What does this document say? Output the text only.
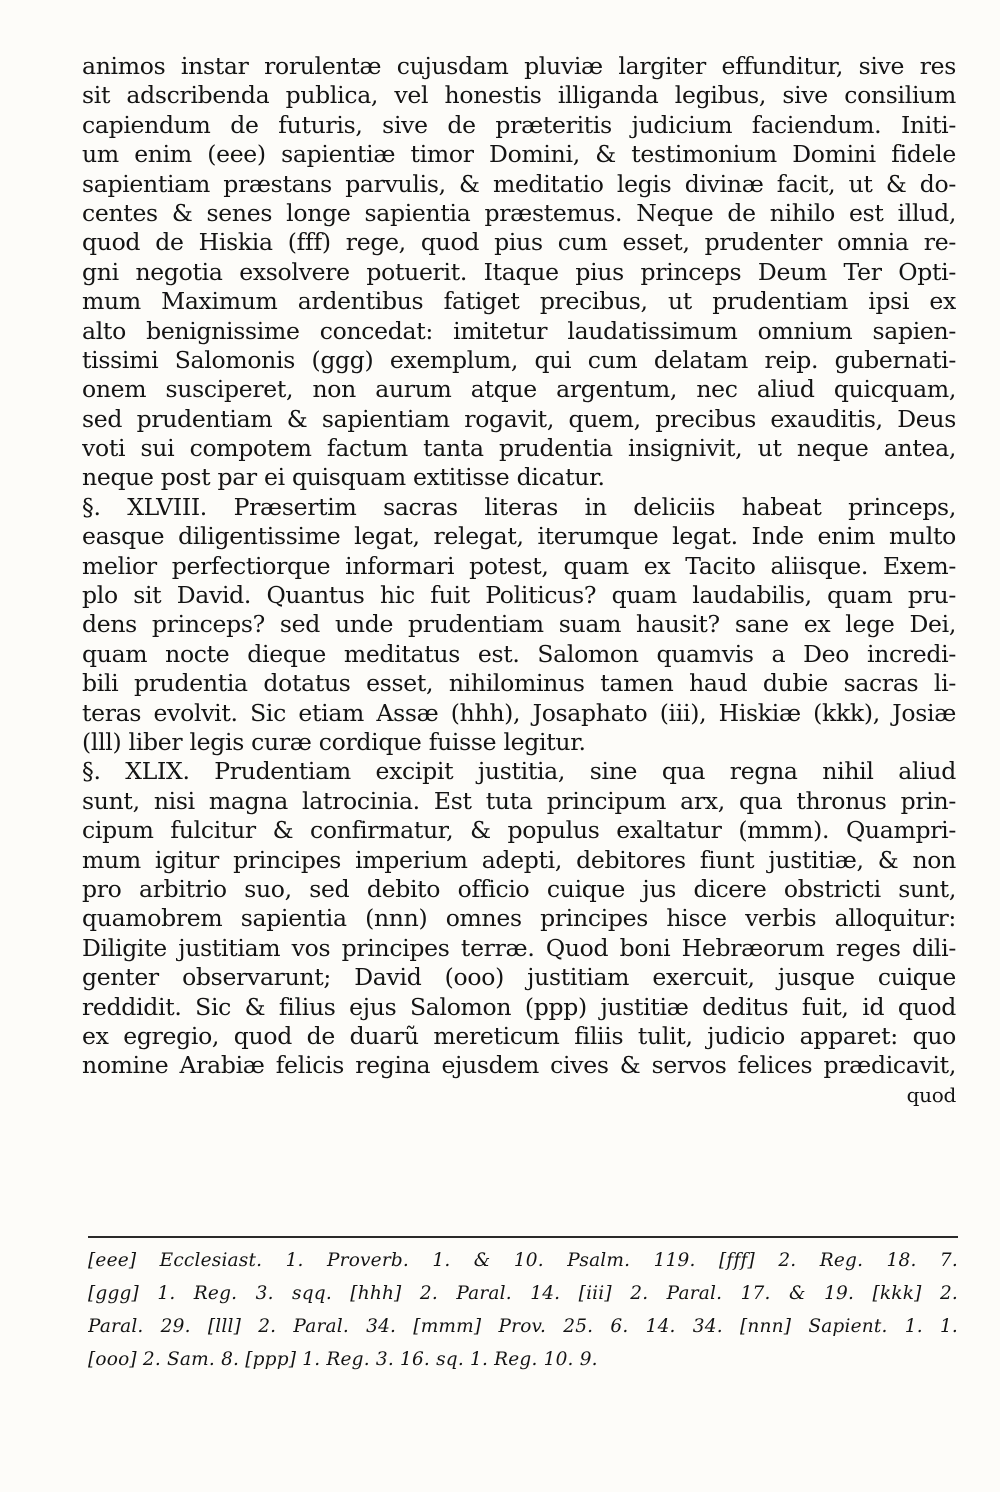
animos instar rorulentæ cujusdam pluviæ largiter effunditur, sive res
sit adscribenda publica, vel honestis illiganda legibus, sive consilium
capiendum de futuris, sive de præteritis judicium faciendum. Initi-
um enim (eee) sapientiæ timor Domini, & testimonium Domini fidele
sapientiam præstans parvulis, & meditatio legis divinæ facit, ut & do-
centes & senes longe sapientia præstemus. Neque de nihilo est illud,
quod de Hiskia (fff) rege, quod pius cum esset, prudenter omnia re-
gni negotia exsolvere potuerit. Itaque pius princeps Deum Ter Opti-
mum Maximum ardentibus fatiget precibus, ut prudentiam ipsi ex
alto benignissime concedat: imitetur laudatissimum omnium sapien-
tissimi Salomonis (ggg) exemplum, qui cum delatam reip. gubernati-
onem susciperet, non aurum atque argentum, nec aliud quicquam,
sed prudentiam & sapientiam rogavit, quem, precibus exauditis, Deus
voti sui compotem factum tanta prudentia insignivit, ut neque antea,
neque post par ei quisquam extitisse dicatur.
§. XLVIII. Præsertim sacras literas in deliciis habeat princeps,
easque diligentissime legat, relegat, iterumque legat. Inde enim multo
melior perfectiorque informari potest, quam ex Tacito aliisque. Exem-
plo sit David. Quantus hic fuit Politicus? quam laudabilis, quam pru-
dens princeps? sed unde prudentiam suam hausit? sane ex lege Dei,
quam nocte dieque meditatus est. Salomon quamvis a Deo incredi-
bili prudentia dotatus esset, nihilominus tamen haud dubie sacras li-
teras evolvit. Sic etiam Assæ (hhh), Josaphato (iii), Hiskiæ (kkk), Josiæ
(lll) liber legis curæ cordique fuisse legitur.
§. XLIX. Prudentiam excipit justitia, sine qua regna nihil aliud
sunt, nisi magna latrocinia. Est tuta principum arx, qua thronus prin-
cipum fulcitur & confirmatur, & populus exaltatur (mmm). Quampri-
mum igitur principes imperium adepti, debitores fiunt justitiæ, & non
pro arbitrio suo, sed debito officio cuique jus dicere obstricti sunt,
quamobrem sapientia (nnn) omnes principes hisce verbis alloquitur:
Diligite justitiam vos principes terræ. Quod boni Hebræorum reges dili-
genter observarunt; David (ooo) justitiam exercuit, jusque cuique
reddidit. Sic & filius ejus Salomon (ppp) justitiæ deditus fuit, id quod
ex egregio, quod de duarũ mereticum filiis tulit, judicio apparet: quo
nomine Arabiæ felicis regina ejusdem cives & servos felices prædicavit,
quod
[eee] Ecclesiast. 1. Proverb. 1. & 10. Psalm. 119. [fff] 2. Reg. 18. 7.
[ggg] 1. Reg. 3. sqq. [hhh] 2. Paral. 14. [iii] 2. Paral. 17. & 19. [kkk] 2.
Paral. 29. [lll] 2. Paral. 34. [mmm] Prov. 25. 6. 14. 34. [nnn] Sapient. 1. 1.
[ooo] 2. Sam. 8. [ppp] 1. Reg. 3. 16. sq. 1. Reg. 10. 9.
